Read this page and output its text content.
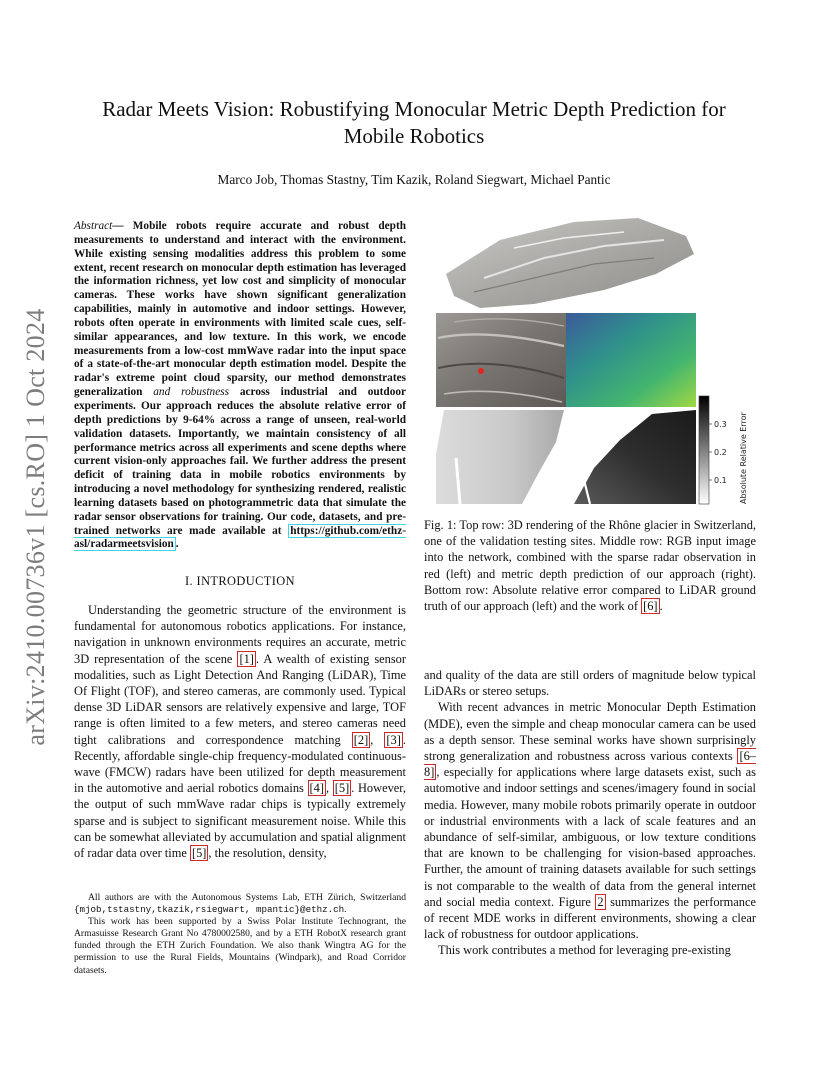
arXiv:2410.00736v1 [cs.RO] 1 Oct 2024
Radar Meets Vision: Robustifying Monocular Metric Depth Prediction for Mobile Robotics
Marco Job, Thomas Stastny, Tim Kazik, Roland Siegwart, Michael Pantic
Abstract— Mobile robots require accurate and robust depth measurements to understand and interact with the environment. While existing sensing modalities address this problem to some extent, recent research on monocular depth estimation has leveraged the information richness, yet low cost and simplicity of monocular cameras. These works have shown significant generalization capabilities, mainly in automotive and indoor settings. However, robots often operate in environments with limited scale cues, self-similar appearances, and low texture. In this work, we encode measurements from a low-cost mmWave radar into the input space of a state-of-the-art monocular depth estimation model. Despite the radar's extreme point cloud sparsity, our method demonstrates generalization and robustness across industrial and outdoor experiments. Our approach reduces the absolute relative error of depth predictions by 9-64% across a range of unseen, real-world validation datasets. Importantly, we maintain consistency of all performance metrics across all experiments and scene depths where current vision-only approaches fail. We further address the present deficit of training data in mobile robotics environments by introducing a novel methodology for synthesizing rendered, realistic learning datasets based on photogrammetric data that simulate the radar sensor observations for training. Our code, datasets, and pre-trained networks are made available at https://github.com/ethz-asl/radarmeetsvision .
I. INTRODUCTION

Understanding the geometric structure of the environment is fundamental for autonomous robotics applications. For instance, navigation in unknown environments requires an accurate, metric 3D representation of the scene [1] . A wealth of existing sensor modalities, such as Light Detection And Ranging (LiDAR), Time Of Flight (TOF), and stereo cameras, are commonly used. Typical dense 3D LiDAR sensors are relatively expensive and large, TOF range is often limited to a few meters, and stereo cameras need tight calibrations and correspondence matching [2] , [3] . Recently, affordable single-chip frequency-modulated continuous-wave (FMCW) radars have been utilized for depth measurement in the automotive and aerial robotics domains [4] , [5] . However, the output of such mmWave radar chips is typically extremely sparse and is subject to significant measurement noise. While this can be somewhat alleviated by accumulation and spatial alignment of radar data over time [5] , the resolution, density,

All authors are with the Autonomous Systems Lab, ETH Zürich, Switzerland {mjob,tstastny,tkazik,rsiegwart, mpantic}@ethz.ch.

This work has been supported by a Swiss Polar Institute Technogrant, the Armasuisse Research Grant No 4780002580, and by a ETH RobotX research grant funded through the ETH Zurich Foundation. We also thank Wingtra AG for the permission to use the Rural Fields, Mountains (Windpark), and Road Corridor datasets.

0.3
0.2
0.1 Absolute Relative Error
Fig. 1: Top row: 3D rendering of the Rhône glacier in Switzerland, one of the validation testing sites. Middle row: RGB input image into the network, combined with the sparse radar observation in red (left) and metric depth prediction of our approach (right). Bottom row: Absolute relative error compared to LiDAR ground truth of our approach (left) and the work of [6] .

and quality of the data are still orders of magnitude below typical LiDARs or stereo setups.

With recent advances in metric Monocular Depth Estimation (MDE), even the simple and cheap monocular camera can be used as a depth sensor. These seminal works have shown surprisingly strong generalization and robustness across various contexts [6–8] , especially for applications where large datasets exist, such as automotive and indoor settings and scenes/imagery found in social media. However, many mobile robots primarily operate in outdoor or industrial environments with a lack of scale features and an abundance of self-similar, ambiguous, or low texture conditions that are known to be challenging for vision-based approaches. Further, the amount of training datasets available for such settings is not comparable to the wealth of data from the general internet and social media context. Figure 2 summarizes the performance of recent MDE works in different environments, showing a clear lack of robustness for outdoor applications.

This work contributes a method for leveraging pre-existing
